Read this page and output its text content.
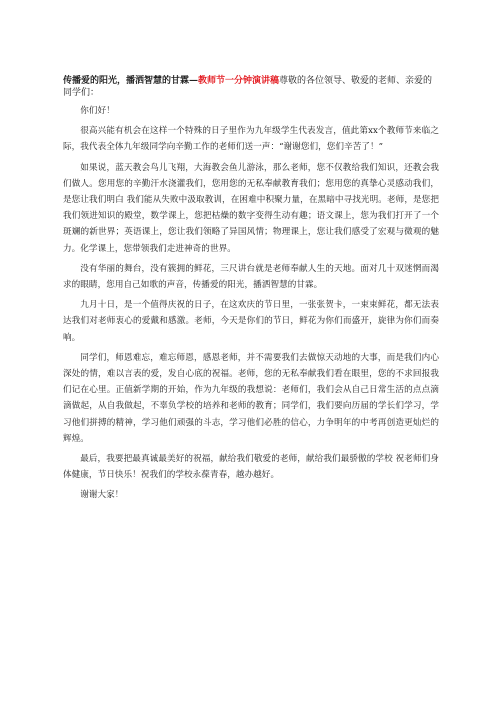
传播爱的阳光，播洒智慧的甘霖—教师节一分钟演讲稿尊敬的各位领导、敬爱的老师、亲爱的同学们：

你们好！

很高兴能有机会在这样一个特殊的日子里作为九年级学生代表发言，值此第xx个教师节来临之际，我代表全体九年级同学向辛勤工作的老师们送一声：“谢谢您们，您们辛苦了！”

如果说，蓝天教会鸟儿飞翔，大海教会鱼儿游泳，那么老师，您不仅教给我们知识，还教会我们做人。您用您的辛勤汗水浇灌我们，您用您的无私奉献教育我们；您用您的真挚心灵感动我们，是您让我们明白 我们能从失败中汲取教训，在困难中积聚力量，在黑暗中寻找光明。老师，是您把我们领进知识的殿堂，数学课上，您把枯燥的数字变得生动有趣；语文课上，您为我们打开了一个斑斓的新世界；英语课上，您让我们领略了异国风情；物理课上，您让我们感受了宏观与微观的魅力。化学课上，您带领我们走进神奇的世界。

没有华丽的舞台，没有簇拥的鲜花，三尺讲台就是老师奉献人生的天地。面对几十双迷惘而渴求的眼睛，您用自己如歌的声音，传播爱的阳光，播洒智慧的甘霖。

九月十日，是一个值得庆祝的日子，在这欢庆的节日里，一张张贺卡，一束束鲜花，都无法表达我们对老师衷心的爱戴和感激。老师，今天是你们的节日，鲜花为你们而盛开，旋律为你们而奏响。

同学们，师恩难忘，难忘师恩，感恩老师，并不需要我们去做惊天动地的大事，而是我们内心深处的情，难以言表的爱，发自心底的祝福。老师，您的无私奉献我们看在眼里，您的不求回报我们记在心里。正值新学期的开始，作为九年级的我想说：老师们，我们会从自己日常生活的点点滴滴做起，从自我做起，不辜负学校的培养和老师的教育；同学们，我们要向历届的学长们学习，学习他们拼搏的精神，学习他们顽强的斗志，学习他们必胜的信心，力争明年的中考再创造更灿烂的辉煌。

最后，我要把最真诚最美好的祝福，献给我们敬爱的老师，献给我们最骄傲的学校 祝老师们身体健康，节日快乐！祝我们的学校永葆青春，越办越好。

谢谢大家！
